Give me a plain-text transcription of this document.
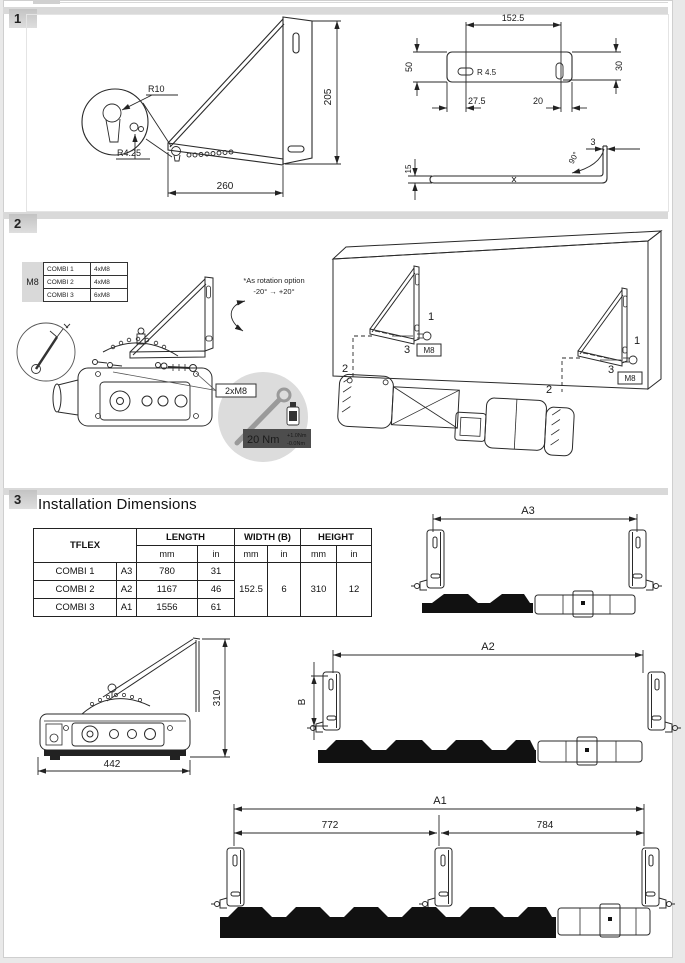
1
2
3
R10
R4.25
205
260
152.5
50	30
R 4.5
27.5	20
3
90°
15
1
3 M8
2
1
3
M8
2
2xM8
20 Nm +1.0Nm
-0.0Nm
A3
A2
B
310
442
A1
772	784
M8
COMBI 1	4xM8
COMBI 2	4xM8
COMBI 3	6xM8
*As rotation option
-20° → +20°
Installation Dimensions
TFLEX		LENGTH		WIDTH (B)		HEIGHT	
		mm	in	mm	in	mm	in
COMBI 1	A3	780	31	152.5	6	310	12
COMBI 2	A2	1167	46				
COMBI 3	A1	1556	61				
